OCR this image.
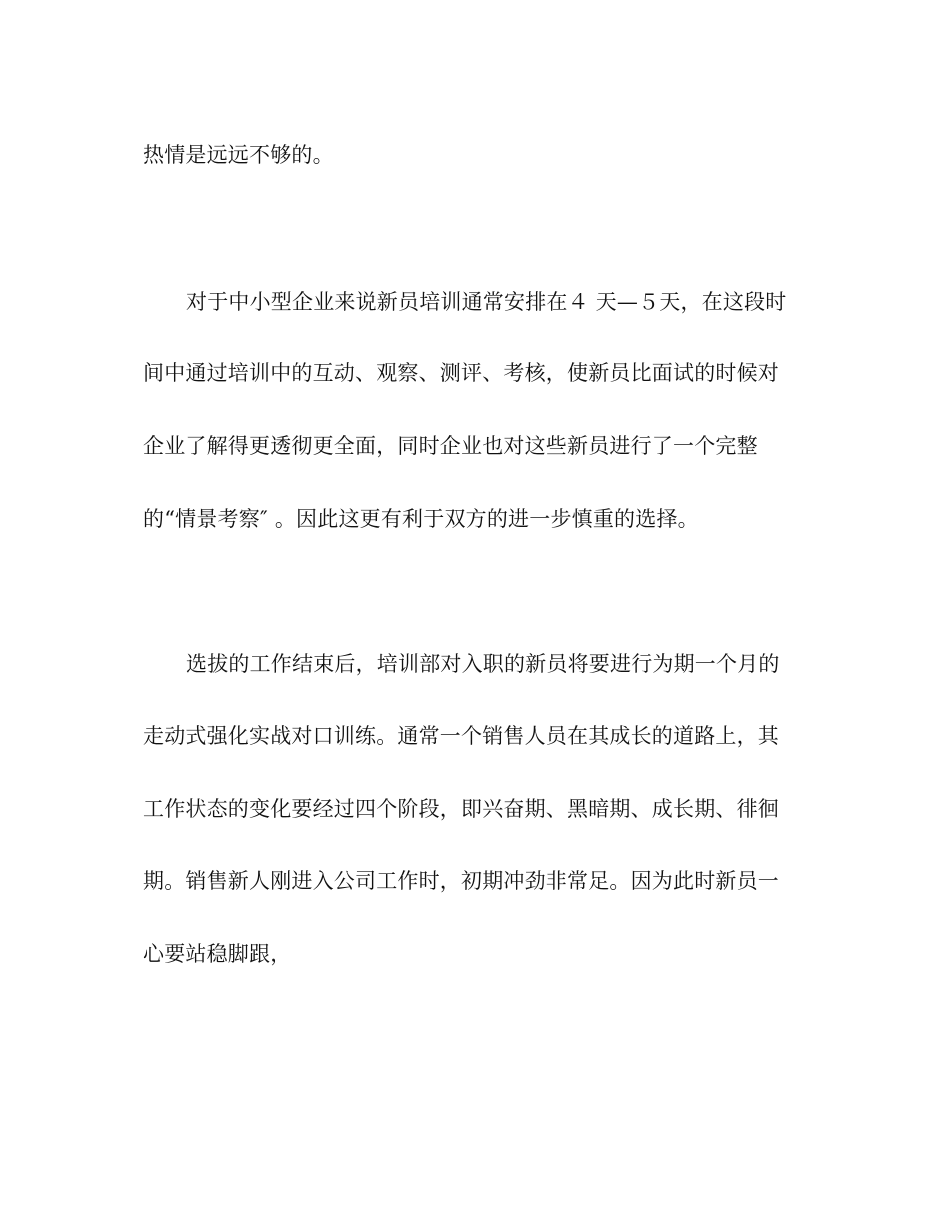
热情是远远不够的。
对于中小型企业来说新员培训通常安排在４ 天—５天，在这段时
间中通过培训中的互动、观察、测评、考核，使新员比面试的时候对
企业了解得更透彻更全面，同时企业也对这些新员进行了一个完整
的“情景考察″ 。因此这更有利于双方的进一步慎重的选择。
选拔的工作结束后，培训部对入职的新员将要进行为期一个月的
走动式强化实战对口训练。通常一个销售人员在其成长的道路上，其
工作状态的变化要经过四个阶段，即兴奋期、黑暗期、成长期、徘徊
期。销售新人刚进入公司工作时，初期冲劲非常足。因为此时新员一
心要站稳脚跟，
